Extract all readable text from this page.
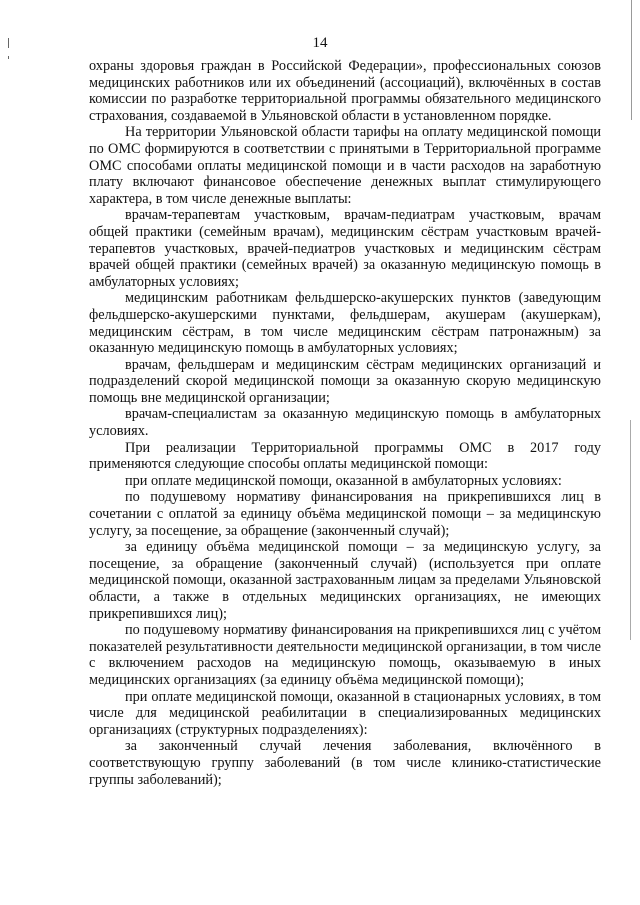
14

охраны здоровья граждан в Российской Федерации», профессиональных союзов медицинских работников или их объединений (ассоциаций), включённых в состав комиссии по разработке территориальной программы обязательного медицинского страхования, создаваемой в Ульяновской области в установленном порядке.

На территории Ульяновской области тарифы на оплату медицинской помощи по ОМС формируются в соответствии с принятыми в Территориальной программе ОМС способами оплаты медицинской помощи и в части расходов на заработную плату включают финансовое обеспечение денежных выплат стимулирующего характера, в том числе денежные выплаты:

врачам-терапевтам участковым, врачам-педиатрам участковым, врачам общей практики (семейным врачам), медицинским сёстрам участковым врачей-терапевтов участковых, врачей-педиатров участковых и медицинским сёстрам врачей общей практики (семейных врачей) за оказанную медицинскую помощь в амбулаторных условиях;

медицинским работникам фельдшерско-акушерских пунктов (заведующим фельдшерско-акушерскими пунктами, фельдшерам, акушерам (акушеркам), медицинским сёстрам, в том числе медицинским сёстрам патронажным) за оказанную медицинскую помощь в амбулаторных условиях;

врачам, фельдшерам и медицинским сёстрам медицинских организаций и подразделений скорой медицинской помощи за оказанную скорую медицинскую помощь вне медицинской организации;

врачам-специалистам за оказанную медицинскую помощь в амбулаторных условиях.

При реализации Территориальной программы ОМС в 2017 году применяются следующие способы оплаты медицинской помощи:

при оплате медицинской помощи, оказанной в амбулаторных условиях:

по подушевому нормативу финансирования на прикрепившихся лиц в сочетании с оплатой за единицу объёма медицинской помощи – за медицинскую услугу, за посещение, за обращение (законченный случай);

за единицу объёма медицинской помощи – за медицинскую услугу, за посещение, за обращение (законченный случай) (используется при оплате медицинской помощи, оказанной застрахованным лицам за пределами Ульяновской области, а также в отдельных медицинских организациях, не имеющих прикрепившихся лиц);

по подушевому нормативу финансирования на прикрепившихся лиц с учётом показателей результативности деятельности медицинской организации, в том числе с включением расходов на медицинскую помощь, оказываемую в иных медицинских организациях (за единицу объёма медицинской помощи);

при оплате медицинской помощи, оказанной в стационарных условиях, в том числе для медицинской реабилитации в специализированных медицинских организациях (структурных подразделениях):

за законченный случай лечения заболевания, включённого в соответствующую группу заболеваний (в том числе клинико-статистические группы заболеваний);
